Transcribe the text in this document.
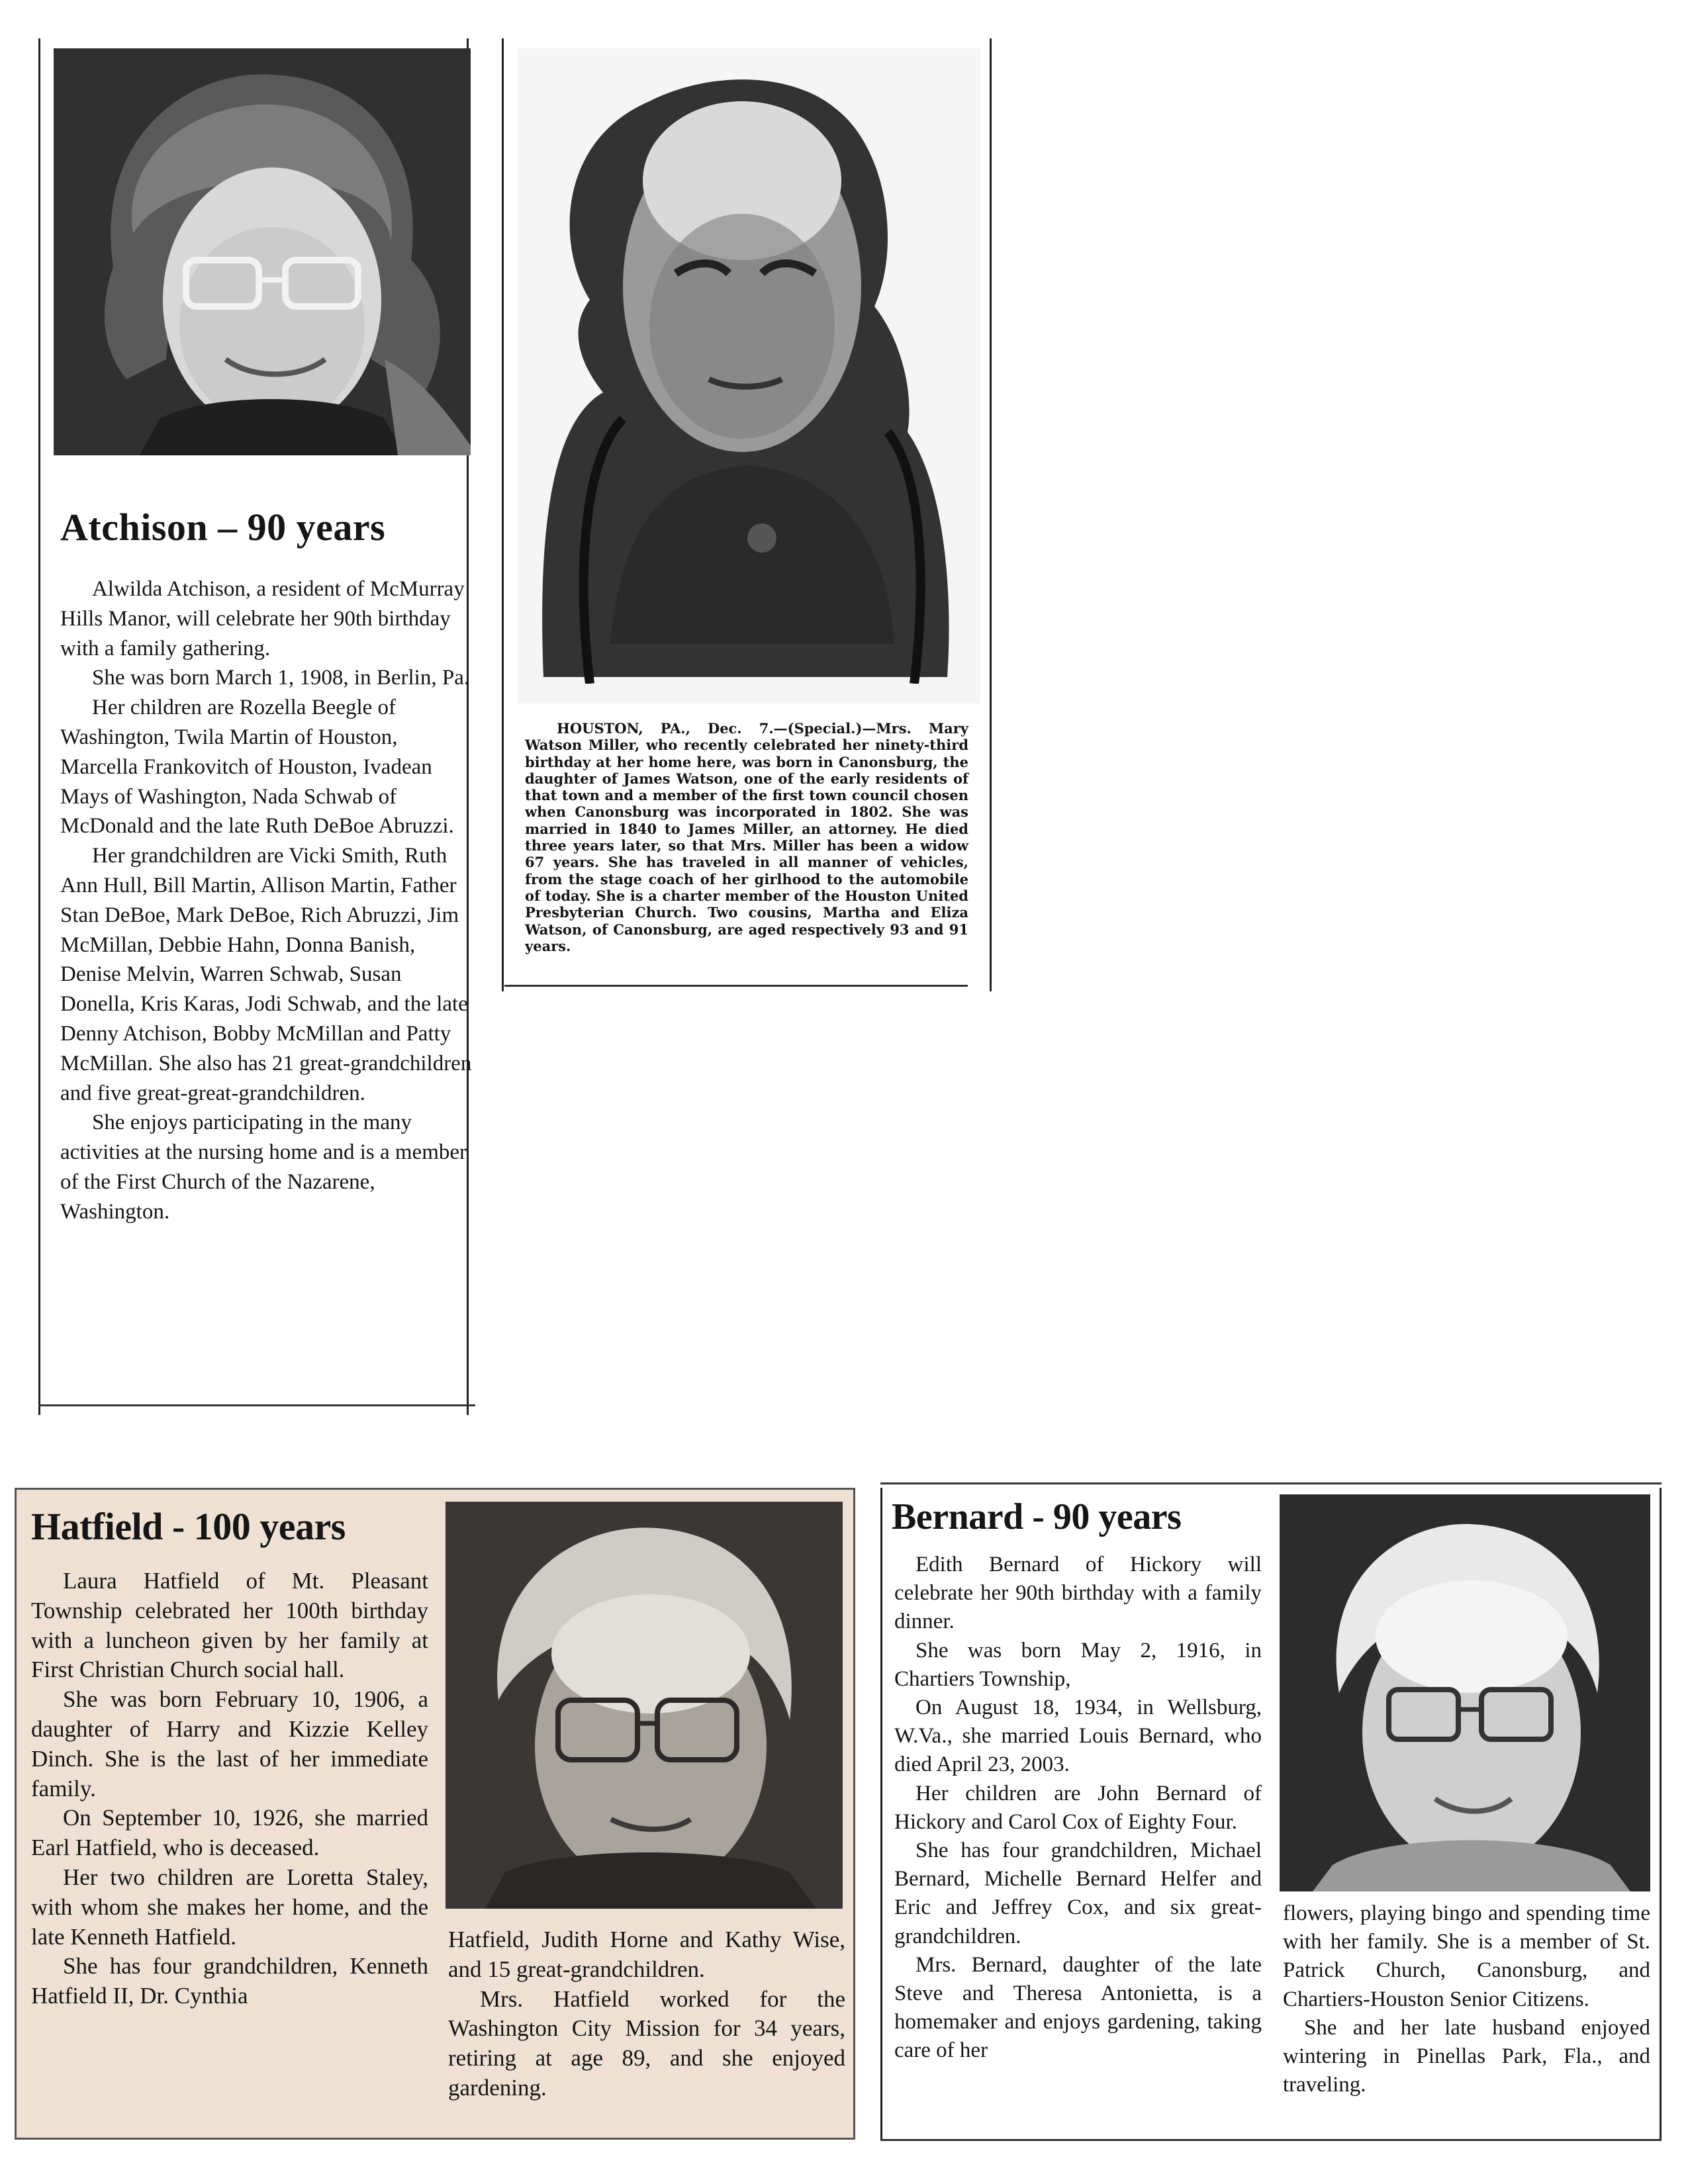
Atchison – 90 years

Alwilda Atchison, a resident of McMurray Hills Manor, will celebrate her 90th birthday with a family gathering.

She was born March 1, 1908, in Berlin, Pa.

Her children are Rozella Beegle of Washington, Twila Martin of Houston, Marcella Frankovitch of Houston, Ivadean Mays of Washington, Nada Schwab of McDonald and the late Ruth DeBoe Abruzzi.

Her grandchildren are Vicki Smith, Ruth Ann Hull, Bill Martin, Allison Martin, Father Stan DeBoe, Mark DeBoe, Rich Abruzzi, Jim McMillan, Debbie Hahn, Donna Banish, Denise Melvin, Warren Schwab, Susan Donella, Kris Karas, Jodi Schwab, and the late Denny Atchison, Bobby McMillan and Patty McMillan. She also has 21 great-grandchildren and five great-great-grandchildren.

She enjoys participating in the many activities at the nursing home and is a member of the First Church of the Nazarene, Washington.

HOUSTON, PA., Dec. 7.—(Special.)—Mrs. Mary Watson Miller, who recently celebrated her ninety-third birthday at her home here, was born in Canonsburg, the daughter of James Watson, one of the early residents of that town and a member of the first town council chosen when Canonsburg was incorporated in 1802. She was married in 1840 to James Miller, an attorney. He died three years later, so that Mrs. Miller has been a widow 67 years. She has traveled in all manner of vehicles, from the stage coach of her girlhood to the automobile of today. She is a charter member of the Houston United Presbyterian Church. Two cousins, Martha and Eliza Watson, of Canonsburg, are aged respectively 93 and 91 years.

Hatfield - 100 years

Laura Hatfield of Mt. Pleasant Township celebrated her 100th birthday with a luncheon given by her family at First Christian Church social hall.

She was born February 10, 1906, a daughter of Harry and Kizzie Kelley Dinch. She is the last of her immediate family.

On September 10, 1926, she married Earl Hatfield, who is deceased.

Her two children are Loretta Staley, with whom she makes her home, and the late Kenneth Hatfield.

She has four grandchildren, Kenneth Hatfield II, Dr. Cynthia

Hatfield, Judith Horne and Kathy Wise, and 15 great-grandchildren.

Mrs. Hatfield worked for the Washington City Mission for 34 years, retiring at age 89, and she enjoyed gardening.

Bernard - 90 years

Edith Bernard of Hickory will celebrate her 90th birthday with a family dinner.

She was born May 2, 1916, in Chartiers Township,

On August 18, 1934, in Wellsburg, W.Va., she married Louis Bernard, who died April 23, 2003.

Her children are John Bernard of Hickory and Carol Cox of Eighty Four.

She has four grandchildren, Michael Bernard, Michelle Bernard Helfer and Eric and Jeffrey Cox, and six great-grandchildren.

Mrs. Bernard, daughter of the late Steve and Theresa Antonietta, is a homemaker and enjoys gardening, taking care of her

flowers, playing bingo and spending time with her family. She is a member of St. Patrick Church, Canonsburg, and Chartiers-Houston Senior Citizens.

She and her late husband enjoyed wintering in Pinellas Park, Fla., and traveling.
